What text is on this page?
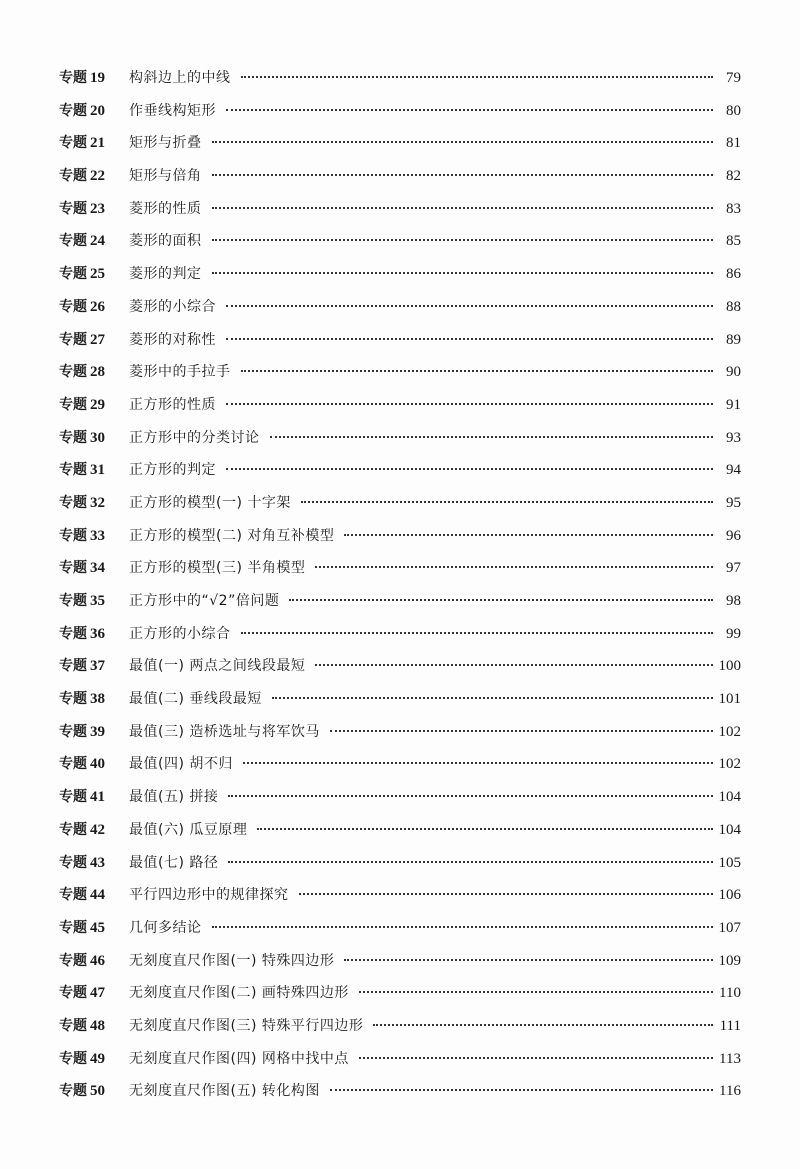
专题 19	构斜边上的中线	79
专题 20	作垂线构矩形	80
专题 21	矩形与折叠	81
专题 22	矩形与倍角	82
专题 23	菱形的性质	83
专题 24	菱形的面积	85
专题 25	菱形的判定	86
专题 26	菱形的小综合	88
专题 27	菱形的对称性	89
专题 28	菱形中的手拉手	90
专题 29	正方形的性质	91
专题 30	正方形中的分类讨论	93
专题 31	正方形的判定	94
专题 32	正方形的模型(一) 十字架	95
专题 33	正方形的模型(二) 对角互补模型	96
专题 34	正方形的模型(三) 半角模型	97
专题 35	正方形中的“√2”倍问题	98
专题 36	正方形的小综合	99
专题 37	最值(一) 两点之间线段最短	100
专题 38	最值(二) 垂线段最短	101
专题 39	最值(三) 造桥选址与将军饮马	102
专题 40	最值(四) 胡不归	102
专题 41	最值(五) 拼接	104
专题 42	最值(六) 瓜豆原理	104
专题 43	最值(七) 路径	105
专题 44	平行四边形中的规律探究	106
专题 45	几何多结论	107
专题 46	无刻度直尺作图(一) 特殊四边形	109
专题 47	无刻度直尺作图(二) 画特殊四边形	110
专题 48	无刻度直尺作图(三) 特殊平行四边形	111
专题 49	无刻度直尺作图(四) 网格中找中点	113
专题 50	无刻度直尺作图(五) 转化构图	116
